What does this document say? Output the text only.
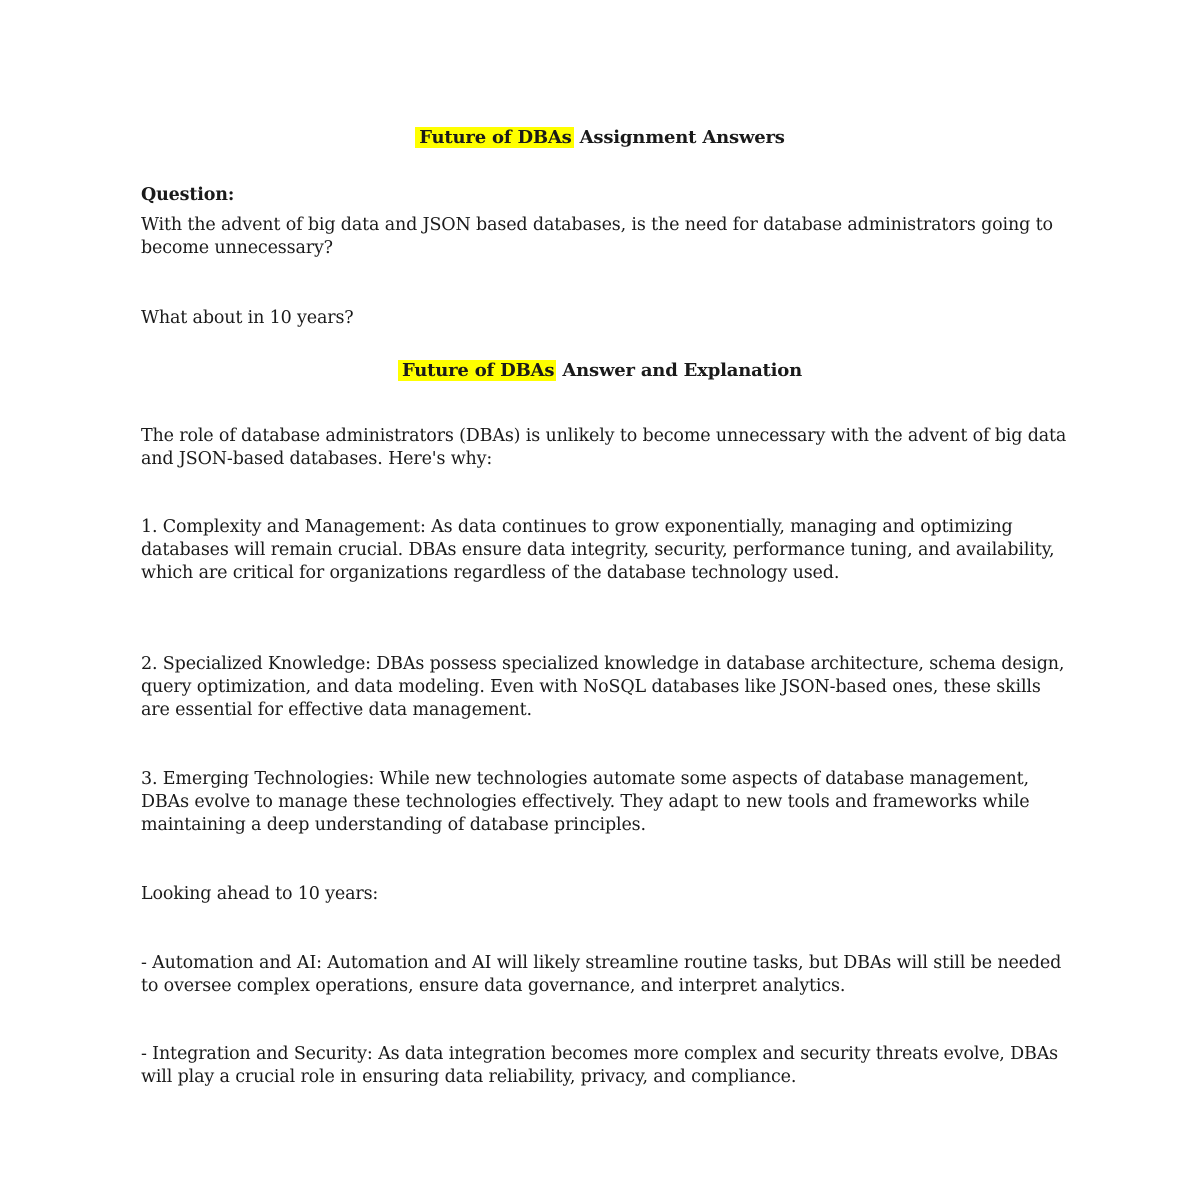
Future of DBAs Assignment Answers

Question:

With the advent of big data and JSON based databases, is the need for database administrators going to become unnecessary?

What about in 10 years?

Future of DBAs Answer and Explanation

The role of database administrators (DBAs) is unlikely to become unnecessary with the advent of big data and JSON-based databases. Here's why:

1. Complexity and Management: As data continues to grow exponentially, managing and optimizing databases will remain crucial. DBAs ensure data integrity, security, performance tuning, and availability, which are critical for organizations regardless of the database technology used.

2. Specialized Knowledge: DBAs possess specialized knowledge in database architecture, schema design, query optimization, and data modeling. Even with NoSQL databases like JSON-based ones, these skills are essential for effective data management.

3. Emerging Technologies: While new technologies automate some aspects of database management, DBAs evolve to manage these technologies effectively. They adapt to new tools and frameworks while maintaining a deep understanding of database principles.

Looking ahead to 10 years:

- Automation and AI: Automation and AI will likely streamline routine tasks, but DBAs will still be needed to oversee complex operations, ensure data governance, and interpret analytics.

- Integration and Security: As data integration becomes more complex and security threats evolve, DBAs will play a crucial role in ensuring data reliability, privacy, and compliance.
